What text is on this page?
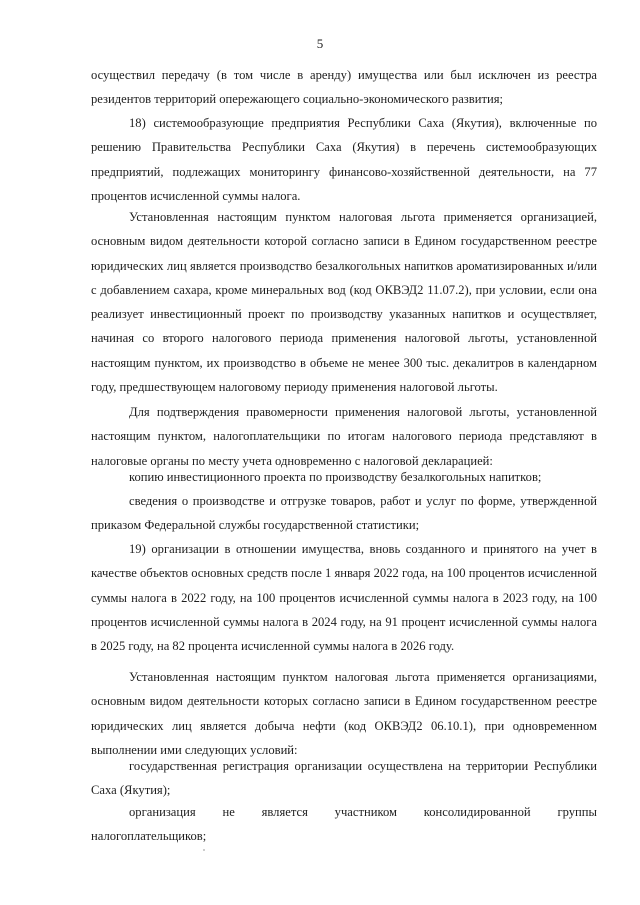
5

осуществил передачу (в том числе в аренду) имущества или был исключен из реестра резидентов территорий опережающего социально-экономического развития;

18) системообразующие предприятия Республики Саха (Якутия), включенные по решению Правительства Республики Саха (Якутия) в перечень системообразующих предприятий, подлежащих мониторингу финансово-хозяйственной деятельности, на 77 процентов исчисленной суммы налога.

Установленная настоящим пунктом налоговая льгота применяется организацией, основным видом деятельности которой согласно записи в Едином государственном реестре юридических лиц является производство безалкогольных напитков ароматизированных и/или с добавлением сахара, кроме минеральных вод (код ОКВЭД2 11.07.2), при условии, если она реализует инвестиционный проект по производству указанных напитков и осуществляет, начиная со второго налогового периода применения налоговой льготы, установленной настоящим пунктом, их производство в объеме не менее 300 тыс. декалитров в календарном году, предшествующем налоговому периоду применения налоговой льготы.

Для подтверждения правомерности применения налоговой льготы, установленной настоящим пунктом, налогоплательщики по итогам налогового периода представляют в налоговые органы по месту учета одновременно с налоговой декларацией:

копию инвестиционного проекта по производству безалкогольных напитков;

сведения о производстве и отгрузке товаров, работ и услуг по форме, утвержденной приказом Федеральной службы государственной статистики;

19) организации в отношении имущества, вновь созданного и принятого на учет в качестве объектов основных средств после 1 января 2022 года, на 100 процентов исчисленной суммы налога в 2022 году, на 100 процентов исчисленной суммы налога в 2023 году, на 100 процентов исчисленной суммы налога в 2024 году, на 91 процент исчисленной суммы налога в 2025 году, на 82 процента исчисленной суммы налога в 2026 году.

Установленная настоящим пунктом налоговая льгота применяется организациями, основным видом деятельности которых согласно записи в Едином государственном реестре юридических лиц является добыча нефти (код ОКВЭД2 06.10.1), при одновременном выполнении ими следующих условий:

государственная регистрация организации осуществлена на территории Республики Саха (Якутия);

организация не является участником консолидированной группы налогоплательщиков;
